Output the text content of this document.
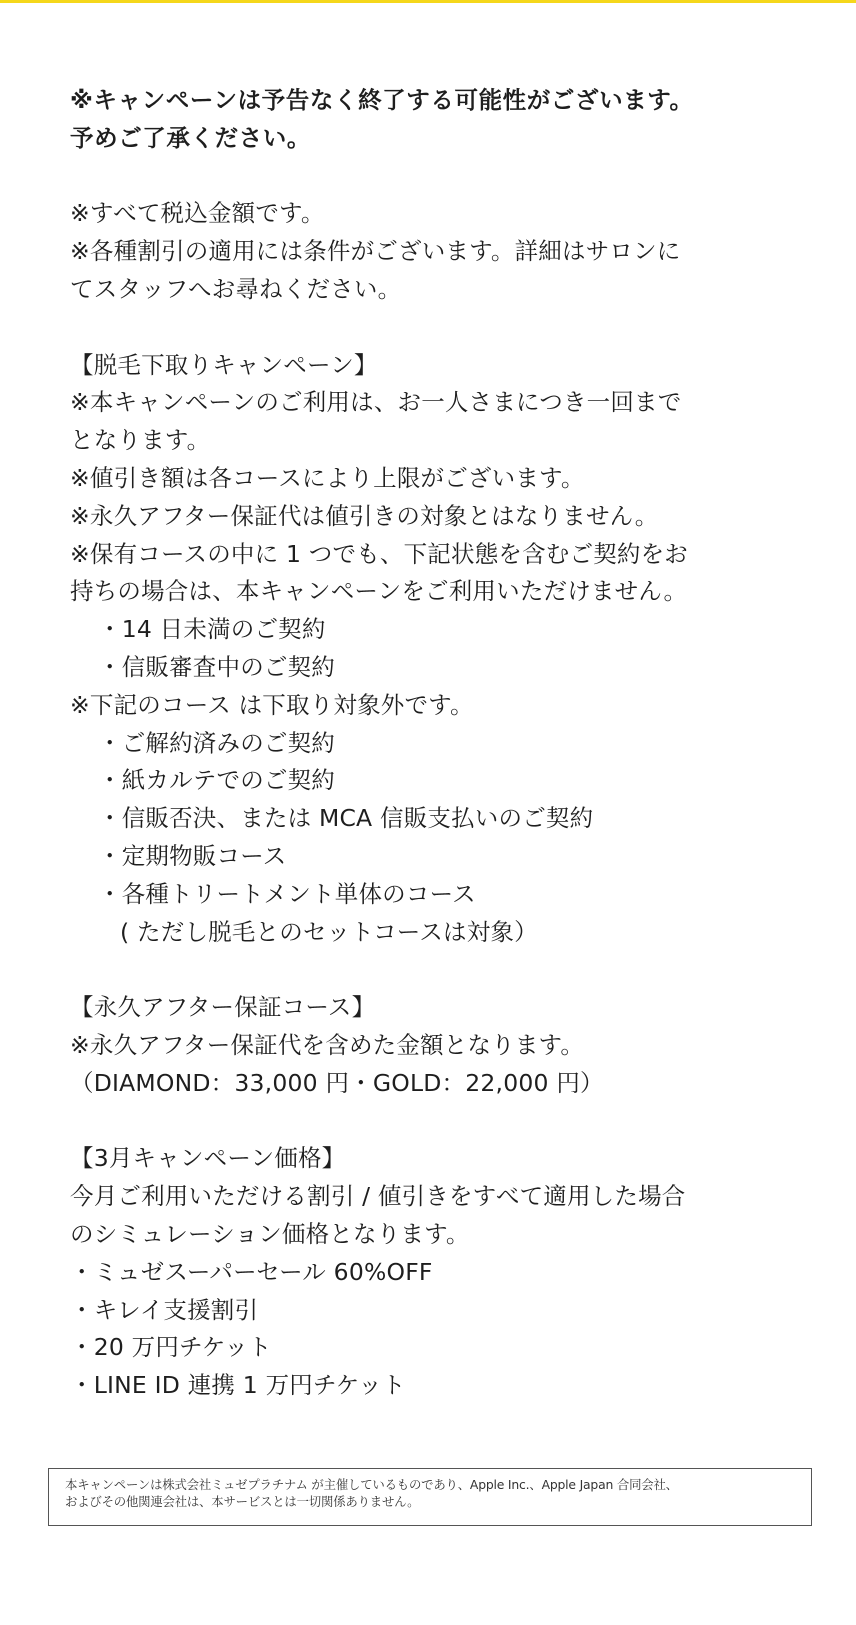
※キャンペーンは予告なく終了する可能性がございます。
予めご了承ください。
※すべて税込金額です。
※各種割引の適用には条件がございます。詳細はサロンに
てスタッフへお尋ねください。
【脱毛下取りキャンペーン】
※本キャンペーンのご利用は、お一人さまにつき一回まで
となります。
※値引き額は各コースにより上限がございます。
※永久アフター保証代は値引きの対象とはなりません。
※保有コースの中に 1 つでも、下記状態を含むご契約をお
持ちの場合は、本キャンペーンをご利用いただけません。
・14 日未満のご契約
・信販審査中のご契約
※下記のコース は下取り対象外です。
・ご解約済みのご契約
・紙カルテでのご契約
・信販否決、または MCA 信販支払いのご契約
・定期物販コース
・各種トリートメント単体のコース
( ただし脱毛とのセットコースは対象）
【永久アフター保証コース】
※永久アフター保証代を含めた金額となります。
（DIAMOND：33,000 円・GOLD：22,000 円）
【3月キャンペーン価格】
今月ご利用いただける割引 / 値引きをすべて適用した場合
のシミュレーション価格となります。
・ミュゼスーパーセール 60%OFF
・キレイ支援割引
・20 万円チケット
・LINE ID 連携 1 万円チケット
本キャンペーンは株式会社ミュゼプラチナム が主催しているものであり、Apple Inc.、Apple Japan 合同会社、
およびその他関連会社は、本サービスとは一切関係ありません。
